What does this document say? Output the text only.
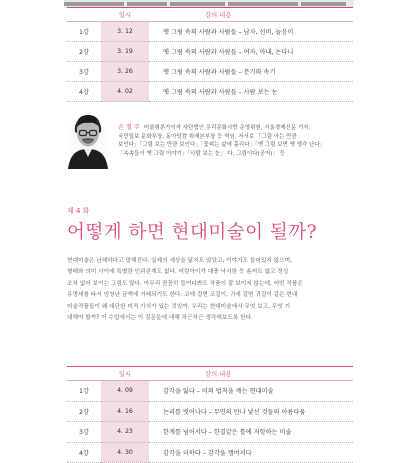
	일시	강의 내용
1강	3. 12	옛 그림 속의 사람과 사람들 – 남자, 선비, 놀음이
2강	3. 19	옛 그림 속의 사람과 사람들 – 여자, 아내, 논다니
3강	3. 26	옛 그림 속의 사람과 사람들 – 문기와 속기
4강	4. 02	옛 그림 속의 사람과 사람들 – 사람 보는 눈
손 철 주 미술평론가이자 사단법인 우리문화사랑 운영위원, 서울경제신문 기자,
국민일보 문화부장, 동아닷컴 취재본부장 등 역임. 저서로 「그림 아는 만큼
보인다」「그림 보는 만큼 보인다」「꽃피는 삶에 홀리다」「옛 그림 보면 옛 생각 난다」
「속속들이 옛 그림 이야기」「사람 보는 눈」 다, 그림이다(공저)」 등
제 4 화
어떻게 하면 현대미술이 될까?
현대미술은 난해하다고 말해진다. 실제의 세상을 닮지도 않았고, 이야기도 들어있지 않으며,
형태와 의미 사이에 특별한 인과관계도 없다. 어린아이가 대충 낙서한 듯 솜씨도 없고 정성
조차 없어 보이는 그림도 많다. 아무리 꼼꼼히 들여다봐도 작품이 잘 보이지 않는데, 어떤 작품은
유명세를 타서 엄청난 금액에 거래되기도 한다. 코에 걸면 코걸이, 귀에 걸면 귀걸이 같은 현대
미술작품들이 왜 대단한 미적 가치가 있는 것일까. 우리는 현대미술에서 무엇 보고, 무엇 기
대해야 할까? 이 수업에서는 이 질문들에 대해 차근차근 생각해보도록 한다.
	일시	강의 내용
1강	4. 09	감각을 잃다 – 미의 법칙을 깨는 현대미술
2강	4. 16	논리를 벗어나다 – 무언의 만나 낯선 것들의 아름다움
3강	4. 23	한계를 넘어서다 – 한결같은 틀에 저항하는 미술
4강	4. 30	감각을 더하다 – 감각을 캠버서다
